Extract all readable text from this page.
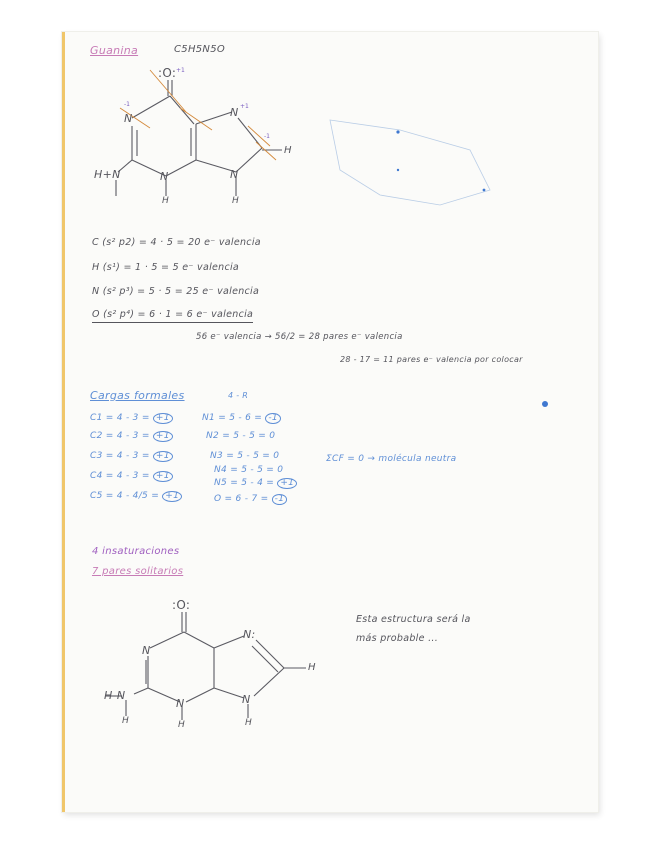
Guanina	C5H5N5O
+1
+1
-1
-1
:O:
N	N
N	N
H+N
H
H	H
C (s² p2) = 4 · 5 = 20 e⁻ valencia
H (s¹) = 1 · 5 = 5 e⁻ valencia
N (s² p³) = 5 · 5 = 25 e⁻ valencia
O (s² p⁴) = 6 · 1 = 6 e⁻ valencia
56 e⁻ valencia → 56/2 = 28 pares e⁻ valencia
28 - 17 = 11 pares e⁻ valencia por colocar
Cargas formales	4 - R
C1 = 4 - 3 = +1
C2 = 4 - 3 = +1
C3 = 4 - 3 = +1
C4 = 4 - 3 = +1
C5 = 4 - 4/5 = +1
N1 = 5 - 6 = -1
N2 = 5 - 5 = 0
N3 = 5 - 5 = 0
N4 = 5 - 5 = 0
N5 = 5 - 4 = +1
O = 6 - 7 = -1
ΣCF = 0 → molécula neutra
4 insaturaciones
7 pares solitarios
:O:
N
N:
N	N
H-N
H
H	H	H
Esta estructura será la
más probable ...
